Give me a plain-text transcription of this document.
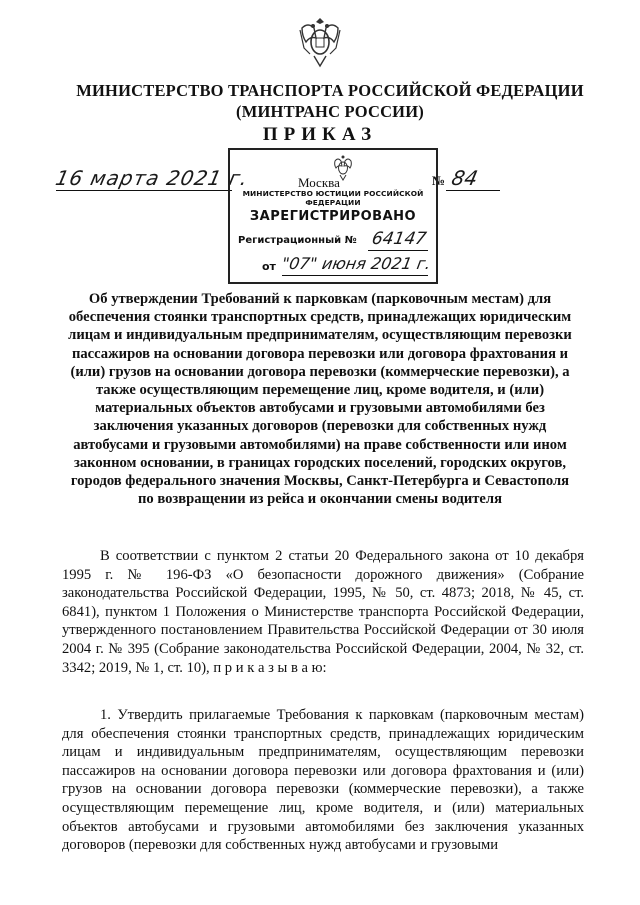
МИНИСТЕРСТВО ТРАНСПОРТА РОССИЙСКОЙ ФЕДЕРАЦИИ
(МИНТРАНС РОССИИ)
ПРИКАЗ
16 марта 2021 г.	Москва	№ 84
МИНИСТЕРСТВО ЮСТИЦИИ РОССИЙСКОЙ ФЕДЕРАЦИИ
ЗАРЕГИСТРИРОВАНО
Регистрационный № 64147
от "07" июня 2021 г.
Об утверждении Требований к парковкам (парковочным местам) для обеспечения стоянки транспортных средств, принадлежащих юридическим лицам и индивидуальным предпринимателям, осуществляющим перевозки пассажиров на основании договора перевозки или договора фрахтования и (или) грузов на основании договора перевозки (коммерческие перевозки), а также осуществляющим перемещение лиц, кроме водителя, и (или) материальных объектов автобусами и грузовыми автомобилями без заключения указанных договоров (перевозки для собственных нужд автобусами и грузовыми автомобилями) на праве собственности или ином законном основании, в границах городских поселений, городских округов, городов федерального значения Москвы, Санкт-Петербурга и Севастополя по возвращении из рейса и окончании смены водителя
В соответствии с пунктом 2 статьи 20 Федерального закона от 10 декабря 1995 г. № 196-ФЗ «О безопасности дорожного движения» (Собрание законодательства Российской Федерации, 1995, № 50, ст. 4873; 2018, № 45, ст. 6841), пунктом 1 Положения о Министерстве транспорта Российской Федерации, утвержденного постановлением Правительства Российской Федерации от 30 июля 2004 г. № 395 (Собрание законодательства Российской Федерации, 2004, № 32, ст. 3342; 2019, № 1, ст. 10), п р и к а з ы в а ю:
1. Утвердить прилагаемые Требования к парковкам (парковочным местам) для обеспечения стоянки транспортных средств, принадлежащих юридическим лицам и индивидуальным предпринимателям, осуществляющим перевозки пассажиров на основании договора перевозки или договора фрахтования и (или) грузов на основании договора перевозки (коммерческие перевозки), а также осуществляющим перемещение лиц, кроме водителя, и (или) материальных объектов автобусами и грузовыми автомобилями без заключения указанных договоров (перевозки для собственных нужд автобусами и грузовыми
